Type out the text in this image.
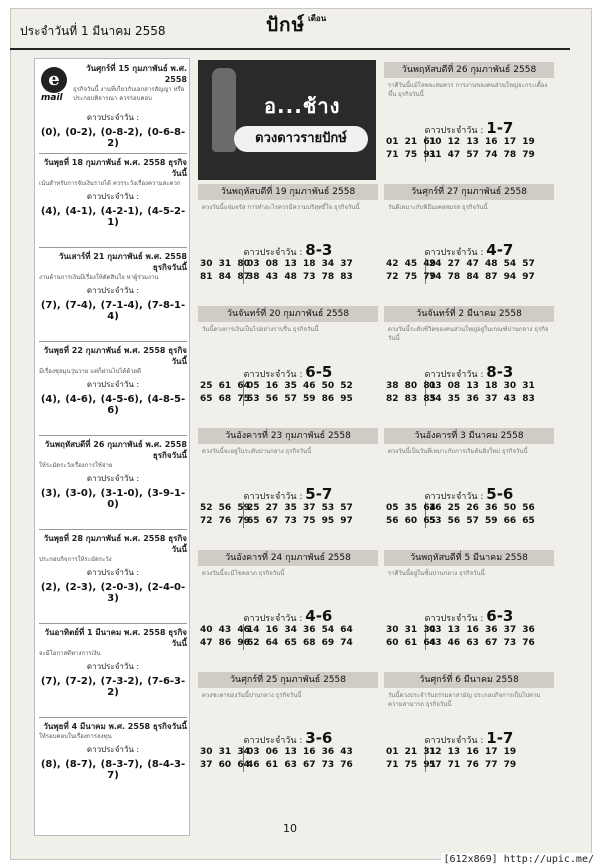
ประจำวันที่ 1 มีนาคม 2558	ปักษ์ เดือน
e
mail
วันศุกร์ที่ 15 กุมภาพันธ์ พ.ศ. 2558
ธุรกิจวันนี้ งานที่เกี่ยวกับเอกสารสัญญา หรือประกอบพิจารณา ควรรอบคอบ
ดาวประจำวัน :
(0), (0-2), (0-8-2), (0-6-8-2)
วันพุธที่ 18 กุมภาพันธ์ พ.ศ. 2558 ธุรกิจวันนี้
เน้นสำหรับการจับเงินรายได้ ควรระวังเรื่องความสะดวก
ดาวประจำวัน :
(4), (4-1), (4-2-1), (4-5-2-1)
วันเสาร์ที่ 21 กุมภาพันธ์ พ.ศ. 2558 ธุรกิจวันนี้
งานด้านการเงินมีเรื่องให้ตัดสินใจ หาผู้ร่วมงาน
ดาวประจำวัน :
(7), (7-4), (7-1-4), (7-8-1-4)
วันพุธที่ 22 กุมภาพันธ์ พ.ศ. 2558 ธุรกิจวันนี้
มีเรื่องชุลมุนวุ่นวาย แต่ก็ผ่านไปได้ด้วยดี
ดาวประจำวัน :
(4), (4-6), (4-5-6), (4-8-5-6)
วันพฤหัสบดีที่ 26 กุมภาพันธ์ พ.ศ. 2558 ธุรกิจวันนี้
ให้ระมัดระวังเรื่องการใช้จ่าย
ดาวประจำวัน :
(3), (3-0), (3-1-0), (3-9-1-0)
วันพุธที่ 28 กุมภาพันธ์ พ.ศ. 2558 ธุรกิจวันนี้
ประกอบกิจการให้ระมัดระวัง
ดาวประจำวัน :
(2), (2-3), (2-0-3), (2-4-0-3)
วันอาทิตย์ที่ 1 มีนาคม พ.ศ. 2558 ธุรกิจวันนี้
จะมีโอกาสดีทางการเงิน
ดาวประจำวัน :
(7), (7-2), (7-3-2), (7-6-3-2)
วันพุธที่ 4 มีนาคม พ.ศ. 2558 ธุรกิจวันนี้
ให้รอบคอบในเรื่องการลงทุน
ดาวประจำวัน :
(8), (8-7), (8-3-7), (8-4-3-7)
อ...ช้าง
ดวงดาวรายปักษ์
วันพฤหัสบดีที่ 19 กุมภาพันธ์ 2558
ดวงวันนี้แจ่มจรัส การทำอะไรควรมีความบริสุทธิ์ใจ ธุรกิจวันนี้
ดาวประจำวัน : 8-3
30 31 80
81 84 87
03 08 13 18 34 37
38 43 48 73 78 83
วันจันทร์ที่ 20 กุมภาพันธ์ 2558
วันนี้ดวงการเงินเป็นไปอย่างราบรื่น ธุรกิจวันนี้
ดาวประจำวัน : 6-5
25 61 64
65 68 75
05 16 35 46 50 52
53 56 57 59 86 95
วันอังคารที่ 23 กุมภาพันธ์ 2558
ดวงวันนี้จะอยู่ในระดับปานกลาง ธุรกิจวันนี้
ดาวประจำวัน : 5-7
52 56 59
72 76 79
25 27 35 37 53 57
65 67 73 75 95 97
วันอังคารที่ 24 กุมภาพันธ์ 2558
ดวงวันนี้จะมีโชคลาภ ธุรกิจวันนี้
ดาวประจำวัน : 4-6
40 43 46
47 86 96
14 16 34 36 54 64
62 64 65 68 69 74
วันศุกร์ที่ 25 กุมภาพันธ์ 2558
ดวงชะตาของวันนี้ปานกลาง ธุรกิจวันนี้
ดาวประจำวัน : 3-6
30 31 34
37 60 64
03 06 13 16 36 43
46 61 63 67 73 76
วันพฤหัสบดีที่ 26 กุมภาพันธ์ 2558
ราศีวันนี้แม้โลพจะสมควร การงานของคนส่วนใหญ่จะกระเตื้องขึ้น ธุรกิจวันนี้
ดาวประจำวัน : 1-7
01 21 61
71 75 91
10 12 13 16 17 19
31 47 57 74 78 79
วันศุกร์ที่ 27 กุมภาพันธ์ 2558
วันดีเหมาะกับพิธีมงคลสมรส ธุรกิจวันนี้
ดาวประจำวัน : 4-7
42 45 49
72 75 79
24 27 47 48 54 57
74 78 84 87 94 97
วันจันทร์ที่ 2 มีนาคม 2558
ดวงวันนี้ระดับชีวิตของคนส่วนใหญ่อยู่ในเกณฑ์ปานกลาง ธุรกิจวันนี้
ดาวประจำวัน : 8-3
38 80 81
82 83 85
03 08 13 18 30 31
34 35 36 37 43 83
วันอังคารที่ 3 มีนาคม 2558
ดวงวันนี้เป็นวันที่เหมาะกับการเริ่มต้นสิ่งใหม่ ธุรกิจวันนี้
ดาวประจำวัน : 5-6
05 35 64
56 60 65
16 25 26 36 50 56
53 56 57 59 66 65
วันพฤหัสบดีที่ 5 มีนาคม 2558
ราศีวันนี้อยู่ในชั้นปานกลาง ธุรกิจวันนี้
ดาวประจำวัน : 6-3
30 31 34
60 61 64
03 13 16 36 37 36
43 46 63 67 73 76
วันศุกร์ที่ 6 มีนาคม 2558
วันนี้ดวงประจำวันธรรมดาสามัญ ประกอบกิจการเป็นไปตามความสามารถ ธุรกิจวันนี้
ดาวประจำวัน : 1-7
01 21 31
71 75 91
12 13 16 17 19
57 71 76 77 79
10
[612x869] http://upic.me/
